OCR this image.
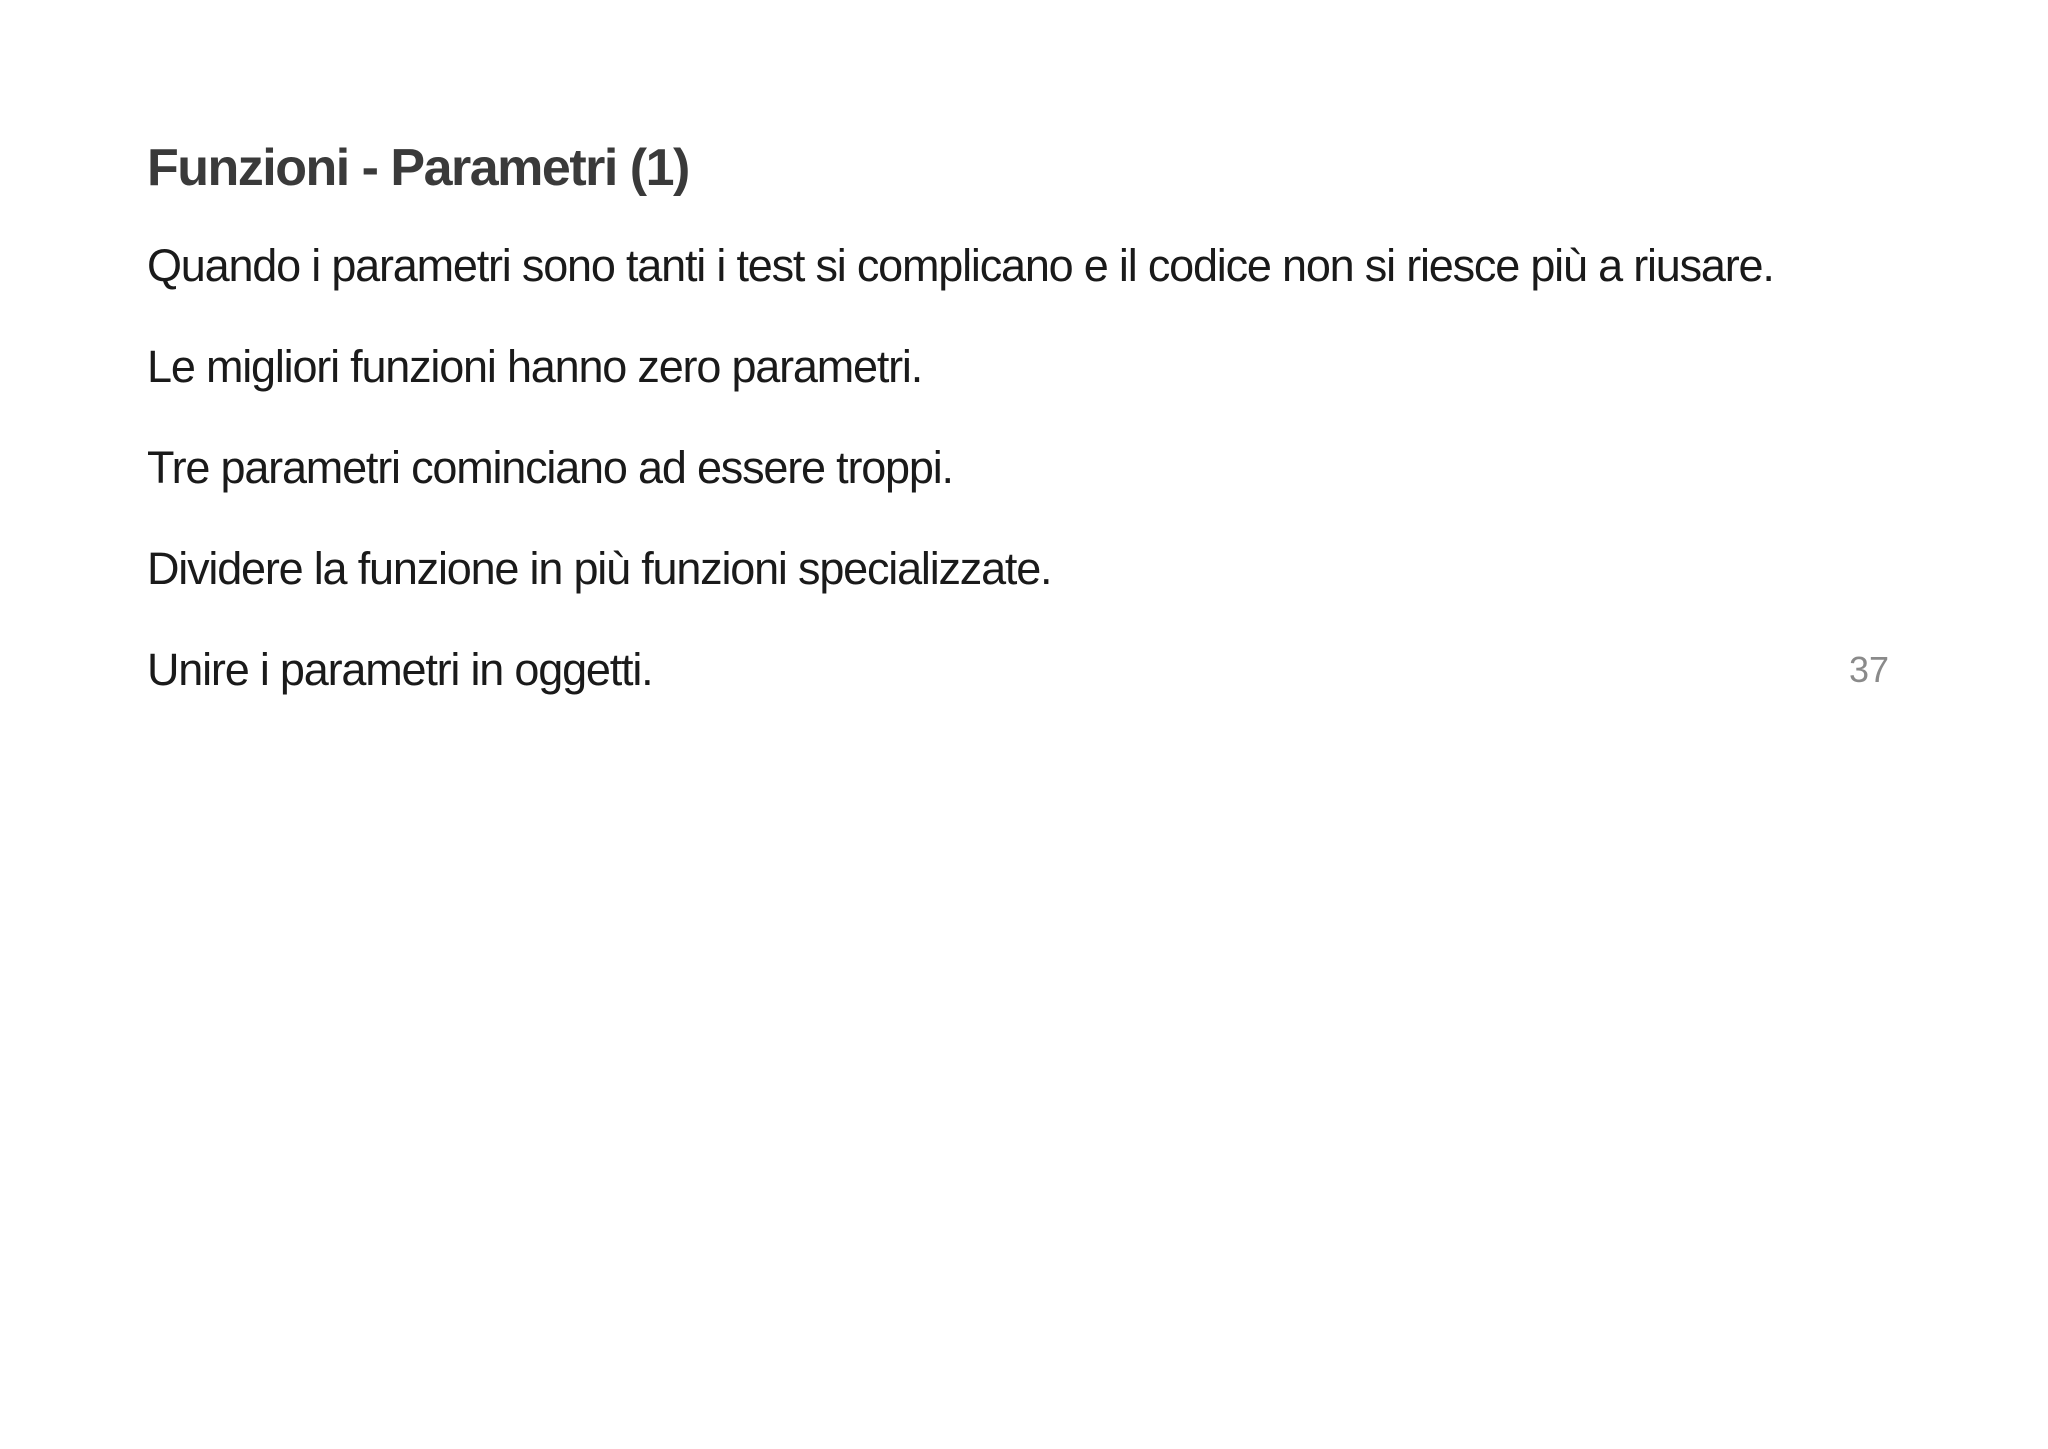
Funzioni - Parametri (1)

Quando i parametri sono tanti i test si complicano e il codice non si riesce più a riusare.

Le migliori funzioni hanno zero parametri.

Tre parametri cominciano ad essere troppi.

Dividere la funzione in più funzioni specializzate.

Unire i parametri in oggetti.	37
